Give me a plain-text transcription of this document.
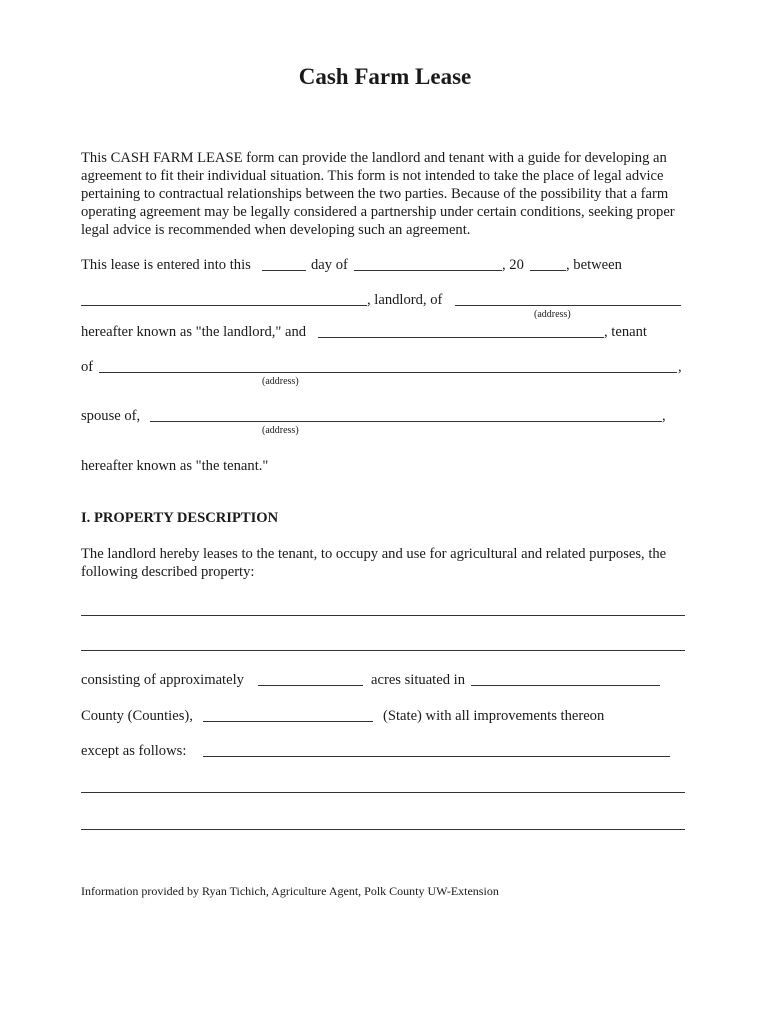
Cash Farm Lease
This CASH FARM LEASE form can provide the landlord and tenant with a guide for developing an agreement to fit their individual situation. This form is not intended to take the place of legal advice pertaining to contractual relationships between the two parties. Because of the possibility that a farm operating agreement may be legally considered a partnership under certain conditions, seeking proper legal advice is recommended when developing such an agreement.
This lease is entered into this	day of	, 20	, between
, landlord, of
(address)
hereafter known as "the landlord," and	, tenant
of	,
(address)
spouse of,	,
(address)
hereafter known as "the tenant."
I. PROPERTY DESCRIPTION
The landlord hereby leases to the tenant, to occupy and use for agricultural and related purposes, the following described property:
consisting of approximately	acres situated in
County (Counties),	(State) with all improvements thereon
except as follows:
Information provided by Ryan Tichich, Agriculture Agent, Polk County UW-Extension
